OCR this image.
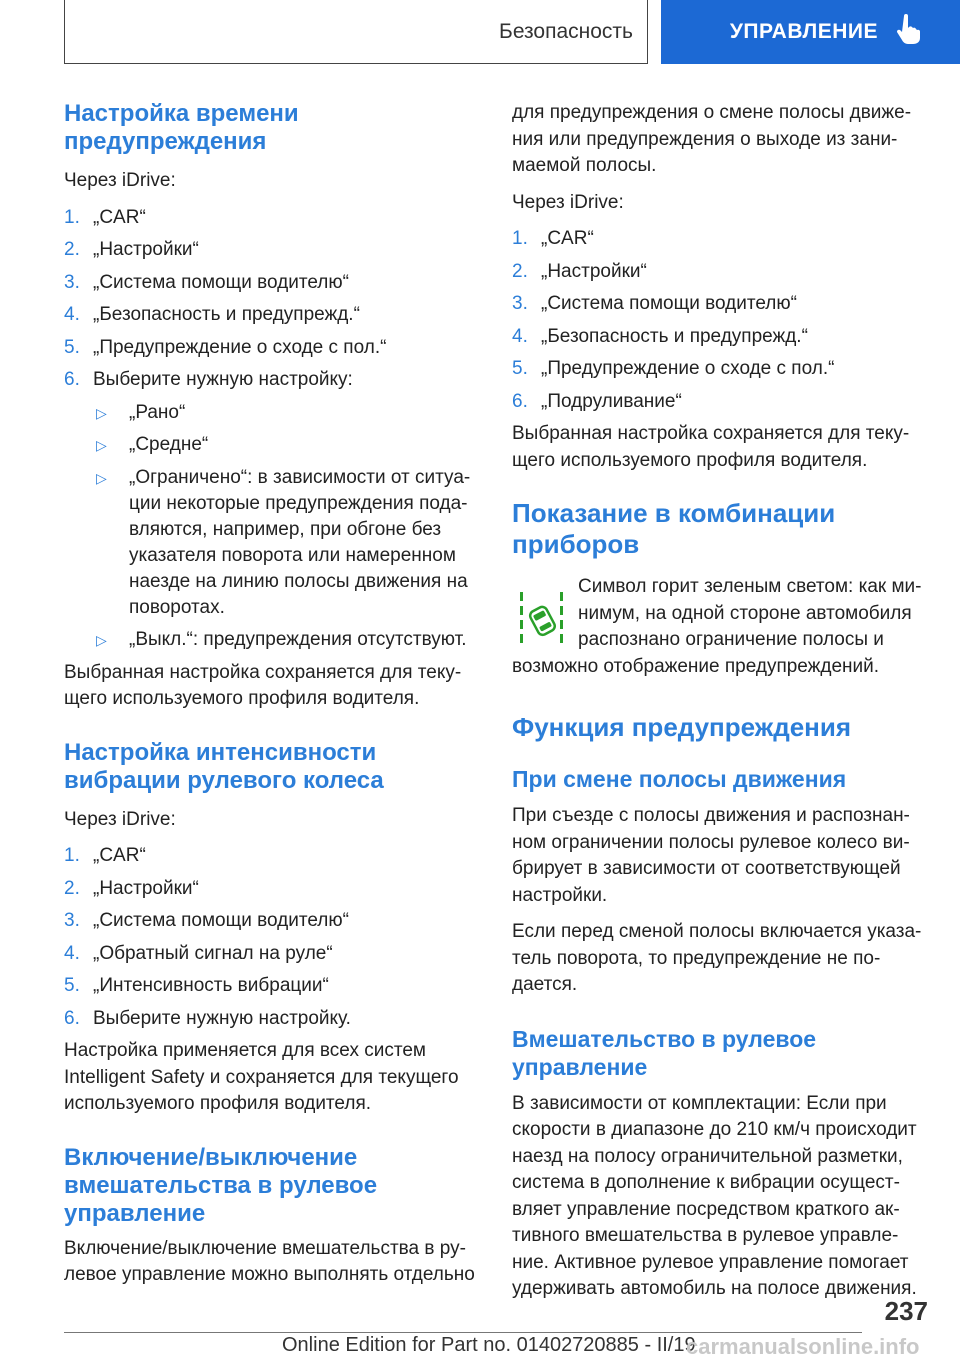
Безопасность	УПРАВЛЕНИЕ
Настройка времени
предупреждения

Через iDrive:

1. „CAR“
2. „Настройки“
3. „Система помощи водителю“
4. „Безопасность и предупрежд.“
5. „Предупреждение о сходе с пол.“
6. Выберите нужную настройку:
▷	„Рано“
▷	„Средне“
▷	„Ограничено“: в зависимости от ситуа-
ции некоторые предупреждения пода-
вляются, например, при обгоне без
указателя поворота или намеренном
наезде на линию полосы движения на
поворотах.
▷	„Выкл.“: предупреждения отсутствуют.

Выбранная настройка сохраняется для теку-
щего используемого профиля водителя.

Настройка интенсивности
вибрации рулевого колеса

Через iDrive:

1. „CAR“
2. „Настройки“
3. „Система помощи водителю“
4. „Обратный сигнал на руле“
5. „Интенсивность вибрации“
6. Выберите нужную настройку.

Настройка применяется для всех систем
Intelligent Safety и сохраняется для текущего
используемого профиля водителя.

Включение/выключение
вмешательства в рулевое
управление

Включение/выключение вмешательства в ру-
левое управление можно выполнять отдельно

для предупреждения о смене полосы движе-
ния или предупреждения о выходе из зани-
маемой полосы.

Через iDrive:

1. „CAR“
2. „Настройки“
3. „Система помощи водителю“
4. „Безопасность и предупрежд.“
5. „Предупреждение о сходе с пол.“
6. „Подруливание“

Выбранная настройка сохраняется для теку-
щего используемого профиля водителя.

Показание в комбинации
приборов

Символ горит зеленым светом: как ми-
нимум, на одной стороне автомобиля
распознано ограничение полосы и

возможно отображение предупреждений.

Функция предупреждения
При смене полосы движения

При съезде с полосы движения и распознан-
ном ограничении полосы рулевое колесо ви-
брирует в зависимости от соответствующей
настройки.

Если перед сменой полосы включается указа-
тель поворота, то предупреждение не по-
дается.

Вмешательство в рулевое
управление

В зависимости от комплектации: Если при
скорости в диапазоне до 210 км/ч происходит
наезд на полосу ограничительной разметки,
система в дополнение к вибрации осущест-
вляет управление посредством краткого ак-
тивного вмешательства в рулевое управле-
ние. Активное рулевое управление помогает
удерживать автомобиль на полосе движения.

237
Online Edition for Part no. 01402720885 - II/19
carmanualsonline.info
